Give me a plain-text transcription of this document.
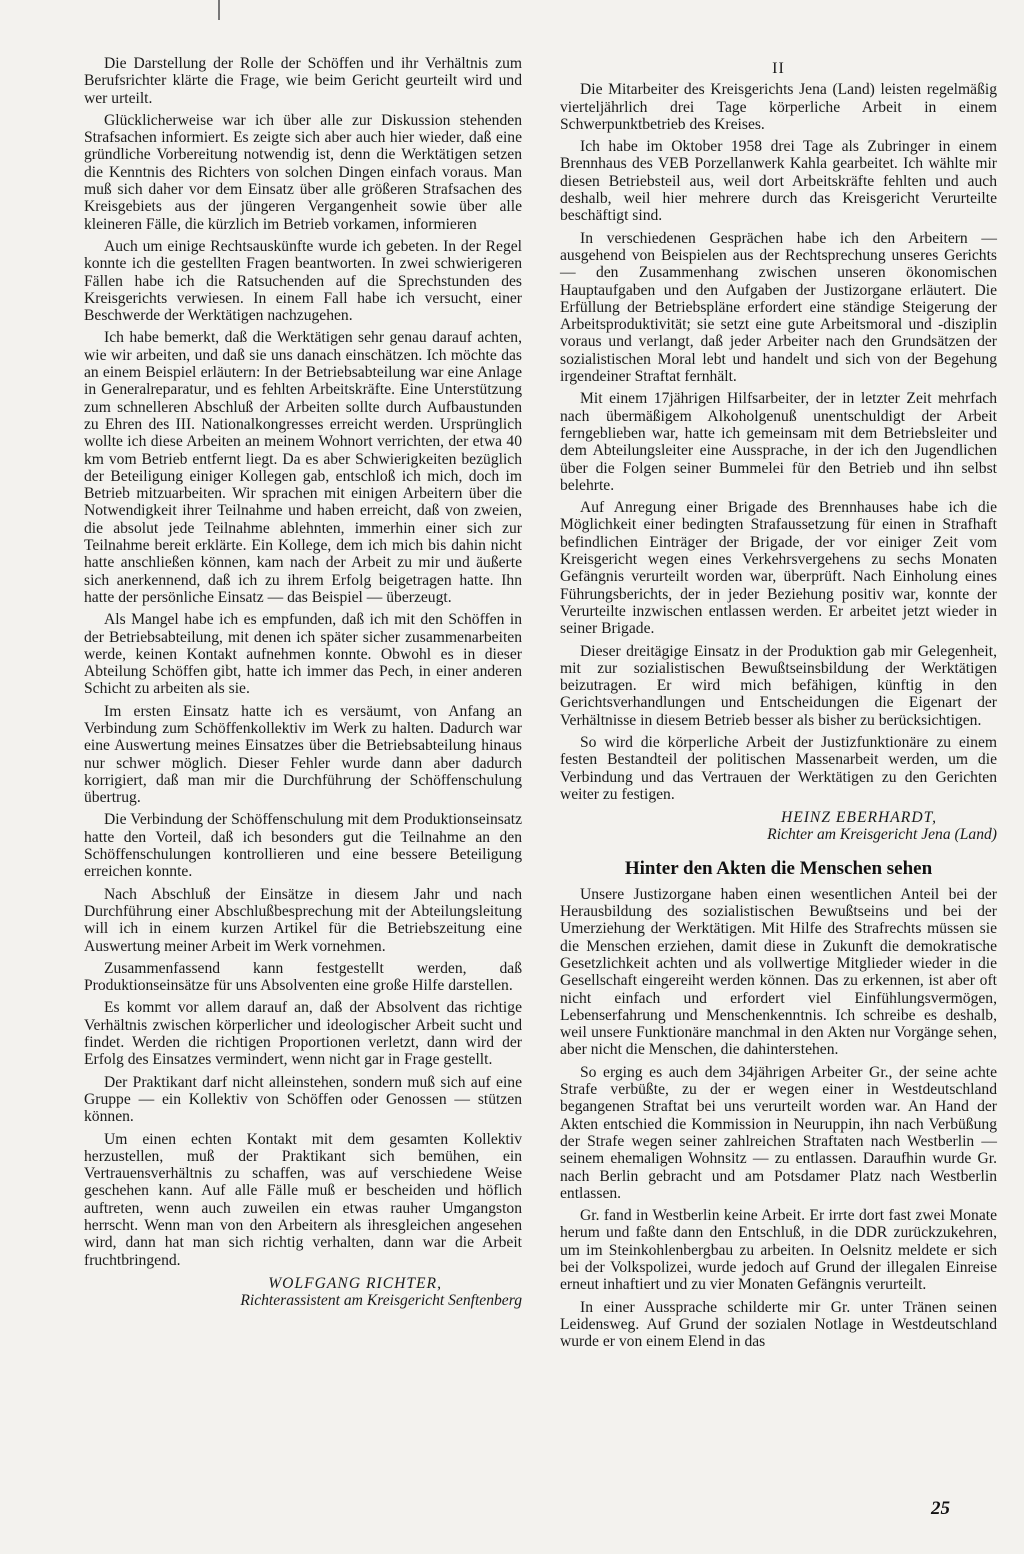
Die Darstellung der Rolle der Schöffen und ihr Verhältnis zum Berufsrichter klärte die Frage, wie beim Gericht geurteilt wird und wer urteilt.

Glücklicherweise war ich über alle zur Diskussion stehenden Strafsachen informiert. Es zeigte sich aber auch hier wieder, daß eine gründliche Vorbereitung notwendig ist, denn die Werktätigen setzen die Kenntnis des Richters von solchen Dingen einfach voraus. Man muß sich daher vor dem Einsatz über alle größeren Strafsachen des Kreisgebiets aus der jüngeren Vergangenheit sowie über alle kleineren Fälle, die kürzlich im Betrieb vorkamen, informieren

Auch um einige Rechtsauskünfte wurde ich gebeten. In der Regel konnte ich die gestellten Fragen beantworten. In zwei schwierigeren Fällen habe ich die Ratsuchenden auf die Sprechstunden des Kreisgerichts verwiesen. In einem Fall habe ich versucht, einer Beschwerde der Werktätigen nachzugehen.

Ich habe bemerkt, daß die Werktätigen sehr genau darauf achten, wie wir arbeiten, und daß sie uns danach einschätzen. Ich möchte das an einem Beispiel erläutern: In der Betriebsabteilung war eine Anlage in Generalreparatur, und es fehlten Arbeitskräfte. Eine Unterstützung zum schnelleren Abschluß der Arbeiten sollte durch Aufbaustunden zu Ehren des III. Nationalkongresses erreicht werden. Ursprünglich wollte ich diese Arbeiten an meinem Wohnort verrichten, der etwa 40 km vom Betrieb entfernt liegt. Da es aber Schwierigkeiten bezüglich der Beteiligung einiger Kollegen gab, entschloß ich mich, doch im Betrieb mitzuarbeiten. Wir sprachen mit einigen Arbeitern über die Notwendigkeit ihrer Teilnahme und haben erreicht, daß von zweien, die absolut jede Teilnahme ablehnten, immerhin einer sich zur Teilnahme bereit erklärte. Ein Kollege, dem ich mich bis dahin nicht hatte anschließen können, kam nach der Arbeit zu mir und äußerte sich anerkennend, daß ich zu ihrem Erfolg beigetragen hatte. Ihn hatte der persönliche Einsatz — das Beispiel — überzeugt.

Als Mangel habe ich es empfunden, daß ich mit den Schöffen in der Betriebsabteilung, mit denen ich später sicher zusammenarbeiten werde, keinen Kontakt aufnehmen konnte. Obwohl es in dieser Abteilung Schöffen gibt, hatte ich immer das Pech, in einer anderen Schicht zu arbeiten als sie.

Im ersten Einsatz hatte ich es versäumt, von Anfang an Verbindung zum Schöffenkollektiv im Werk zu halten. Dadurch war eine Auswertung meines Einsatzes über die Betriebsabteilung hinaus nur schwer möglich. Dieser Fehler wurde dann aber dadurch korrigiert, daß man mir die Durchführung der Schöffenschulung übertrug.

Die Verbindung der Schöffenschulung mit dem Produktionseinsatz hatte den Vorteil, daß ich besonders gut die Teilnahme an den Schöffenschulungen kontrollieren und eine bessere Beteiligung erreichen konnte.

Nach Abschluß der Einsätze in diesem Jahr und nach Durchführung einer Abschlußbesprechung mit der Abteilungsleitung will ich in einem kurzen Artikel für die Betriebszeitung eine Auswertung meiner Arbeit im Werk vornehmen.

Zusammenfassend kann festgestellt werden, daß Produktionseinsätze für uns Absolventen eine große Hilfe darstellen.

Es kommt vor allem darauf an, daß der Absolvent das richtige Verhältnis zwischen körperlicher und ideologischer Arbeit sucht und findet. Werden die richtigen Proportionen verletzt, dann wird der Erfolg des Einsatzes vermindert, wenn nicht gar in Frage gestellt.

Der Praktikant darf nicht alleinstehen, sondern muß sich auf eine Gruppe — ein Kollektiv von Schöffen oder Genossen — stützen können.

Um einen echten Kontakt mit dem gesamten Kollektiv herzustellen, muß der Praktikant sich bemühen, ein Vertrauensverhältnis zu schaffen, was auf verschiedene Weise geschehen kann. Auf alle Fälle muß er bescheiden und höflich auftreten, wenn auch zuweilen ein etwas rauher Umgangston herrscht. Wenn man von den Arbeitern als ihresgleichen angesehen wird, dann hat man sich richtig verhalten, dann war die Arbeit fruchtbringend.

WOLFGANG RICHTER,
Richterassistent am Kreisgericht Senftenberg
II

Die Mitarbeiter des Kreisgerichts Jena (Land) leisten regelmäßig vierteljährlich drei Tage körperliche Arbeit in einem Schwerpunktbetrieb des Kreises.

Ich habe im Oktober 1958 drei Tage als Zubringer in einem Brennhaus des VEB Porzellanwerk Kahla gearbeitet. Ich wählte mir diesen Betriebsteil aus, weil dort Arbeitskräfte fehlten und auch deshalb, weil hier mehrere durch das Kreisgericht Verurteilte beschäftigt sind.

In verschiedenen Gesprächen habe ich den Arbeitern — ausgehend von Beispielen aus der Rechtsprechung unseres Gerichts — den Zusammenhang zwischen unseren ökonomischen Hauptaufgaben und den Aufgaben der Justizorgane erläutert. Die Erfüllung der Betriebspläne erfordert eine ständige Steigerung der Arbeitsproduktivität; sie setzt eine gute Arbeitsmoral und -disziplin voraus und verlangt, daß jeder Arbeiter nach den Grundsätzen der sozialistischen Moral lebt und handelt und sich von der Begehung irgendeiner Straftat fernhält.

Mit einem 17jährigen Hilfsarbeiter, der in letzter Zeit mehrfach nach übermäßigem Alkoholgenuß unentschuldigt der Arbeit ferngeblieben war, hatte ich gemeinsam mit dem Betriebsleiter und dem Abteilungsleiter eine Aussprache, in der ich den Jugendlichen über die Folgen seiner Bummelei für den Betrieb und ihn selbst belehrte.

Auf Anregung einer Brigade des Brennhauses habe ich die Möglichkeit einer bedingten Strafaussetzung für einen in Strafhaft befindlichen Einträger der Brigade, der vor einiger Zeit vom Kreisgericht wegen eines Verkehrsvergehens zu sechs Monaten Gefängnis verurteilt worden war, überprüft. Nach Einholung eines Führungsberichts, der in jeder Beziehung positiv war, konnte der Verurteilte inzwischen entlassen werden. Er arbeitet jetzt wieder in seiner Brigade.

Dieser dreitägige Einsatz in der Produktion gab mir Gelegenheit, mit zur sozialistischen Bewußtseinsbildung der Werktätigen beizutragen. Er wird mich befähigen, künftig in den Gerichtsverhandlungen und Entscheidungen die Eigenart der Verhältnisse in diesem Betrieb besser als bisher zu berücksichtigen.

So wird die körperliche Arbeit der Justizfunktionäre zu einem festen Bestandteil der politischen Massenarbeit werden, um die Verbindung und das Vertrauen der Werktätigen zu den Gerichten weiter zu festigen.

HEINZ EBERHARDT,
Richter am Kreisgericht Jena (Land)
Hinter den Akten die Menschen sehen

Unsere Justizorgane haben einen wesentlichen Anteil bei der Herausbildung des sozialistischen Bewußtseins und bei der Umerziehung der Werktätigen. Mit Hilfe des Strafrechts müssen sie die Menschen erziehen, damit diese in Zukunft die demokratische Gesetzlichkeit achten und als vollwertige Mitglieder wieder in die Gesellschaft eingereiht werden können. Das zu erkennen, ist aber oft nicht einfach und erfordert viel Einfühlungsvermögen, Lebenserfahrung und Menschenkenntnis. Ich schreibe es deshalb, weil unsere Funktionäre manchmal in den Akten nur Vorgänge sehen, aber nicht die Menschen, die dahinterstehen.

So erging es auch dem 34jährigen Arbeiter Gr., der seine achte Strafe verbüßte, zu der er wegen einer in Westdeutschland begangenen Straftat bei uns verurteilt worden war. An Hand der Akten entschied die Kommission in Neuruppin, ihn nach Verbüßung der Strafe wegen seiner zahlreichen Straftaten nach Westberlin — seinem ehemaligen Wohnsitz — zu entlassen. Daraufhin wurde Gr. nach Berlin gebracht und am Potsdamer Platz nach Westberlin entlassen.

Gr. fand in Westberlin keine Arbeit. Er irrte dort fast zwei Monate herum und faßte dann den Entschluß, in die DDR zurückzukehren, um im Steinkohlenbergbau zu arbeiten. In Oelsnitz meldete er sich bei der Volkspolizei, wurde jedoch auf Grund der illegalen Einreise erneut inhaftiert und zu vier Monaten Gefängnis verurteilt.

In einer Aussprache schilderte mir Gr. unter Tränen seinen Leidensweg. Auf Grund der sozialen Notlage in Westdeutschland wurde er von einem Elend in das

25
